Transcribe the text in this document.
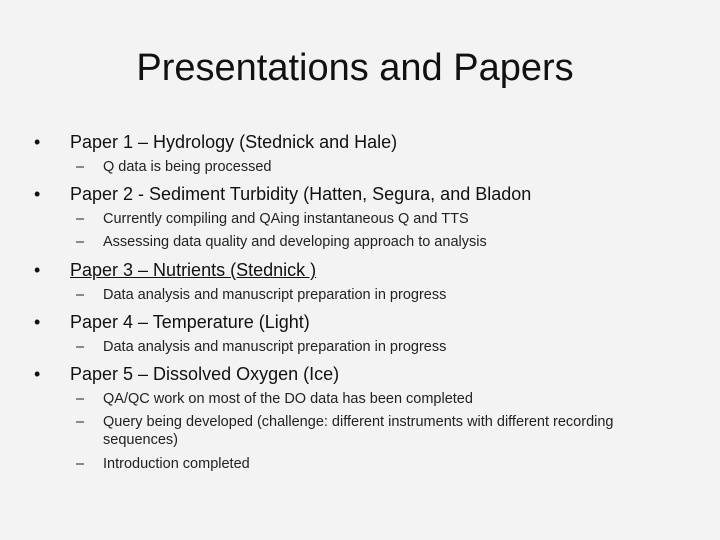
Presentations and Papers
• Paper 1 – Hydrology (Stednick and Hale)
– Q data is being processed
• Paper 2 - Sediment Turbidity (Hatten, Segura, and Bladon
– Currently compiling and QAing instantaneous Q and TTS
– Assessing data quality and developing approach to analysis
• Paper 3 – Nutrients (Stednick )
– Data analysis and manuscript preparation in progress
• Paper 4 – Temperature (Light)
– Data analysis and manuscript preparation in progress
• Paper 5 – Dissolved Oxygen (Ice)
– QA/QC work on most of the DO data has been completed
– Query being developed (challenge: different instruments with different recording
sequences)
– Introduction completed
